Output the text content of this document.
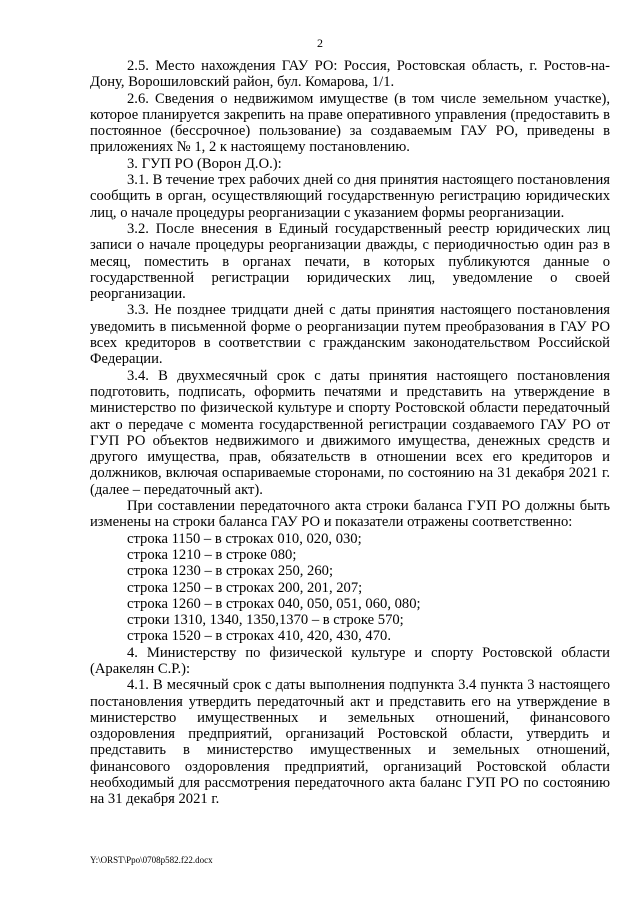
2

2.5. Место нахождения ГАУ РО: Россия, Ростовская область, г. Ростов-на-Дону, Ворошиловский район, бул. Комарова, 1/1.

2.6. Сведения о недвижимом имуществе (в том числе земельном участке), которое планируется закрепить на праве оперативного управления (предоставить в постоянное (бессрочное) пользование) за создаваемым ГАУ РО, приведены в приложениях № 1, 2 к настоящему постановлению.

3. ГУП РО (Ворон Д.О.):

3.1. В течение трех рабочих дней со дня принятия настоящего постановления сообщить в орган, осуществляющий государственную регистрацию юридических лиц, о начале процедуры реорганизации с указанием формы реорганизации.

3.2. После внесения в Единый государственный реестр юридических лиц записи о начале процедуры реорганизации дважды, с периодичностью один раз в месяц, поместить в органах печати, в которых публикуются данные о государственной регистрации юридических лиц, уведомление о своей реорганизации.

3.3. Не позднее тридцати дней с даты принятия настоящего постановления уведомить в письменной форме о реорганизации путем преобразования в ГАУ РО всех кредиторов в соответствии с гражданским законодательством Российской Федерации.

3.4. В двухмесячный срок с даты принятия настоящего постановления подготовить, подписать, оформить печатями и представить на утверждение в министерство по физической культуре и спорту Ростовской области передаточный акт о передаче с момента государственной регистрации создаваемого ГАУ РО от ГУП РО объектов недвижимого и движимого имущества, денежных средств и другого имущества, прав, обязательств в отношении всех его кредиторов и должников, включая оспариваемые сторонами, по состоянию на 31 декабря 2021 г. (далее – передаточный акт).

При составлении передаточного акта строки баланса ГУП РО должны быть изменены на строки баланса ГАУ РО и показатели отражены соответственно:

строка 1150 – в строках 010, 020, 030;

строка 1210 – в строке 080;

строка 1230 – в строках 250, 260;

строка 1250 – в строках 200, 201, 207;

строка 1260 – в строках 040, 050, 051, 060, 080;

строки 1310, 1340, 1350,1370 – в строке 570;

строка 1520 – в строках 410, 420, 430, 470.

4. Министерству по физической культуре и спорту Ростовской области (Аракелян С.Р.):

4.1. В месячный срок с даты выполнения подпункта 3.4 пункта 3 настоящего постановления утвердить передаточный акт и представить его на утверждение в министерство имущественных и земельных отношений, финансового оздоровления предприятий, организаций Ростовской области, утвердить и представить в министерство имущественных и земельных отношений, финансового оздоровления предприятий, организаций Ростовской области необходимый для рассмотрения передаточного акта баланс ГУП РО по состоянию на 31 декабря 2021 г.

Y:\ORST\Ppo\0708p582.f22.docx
